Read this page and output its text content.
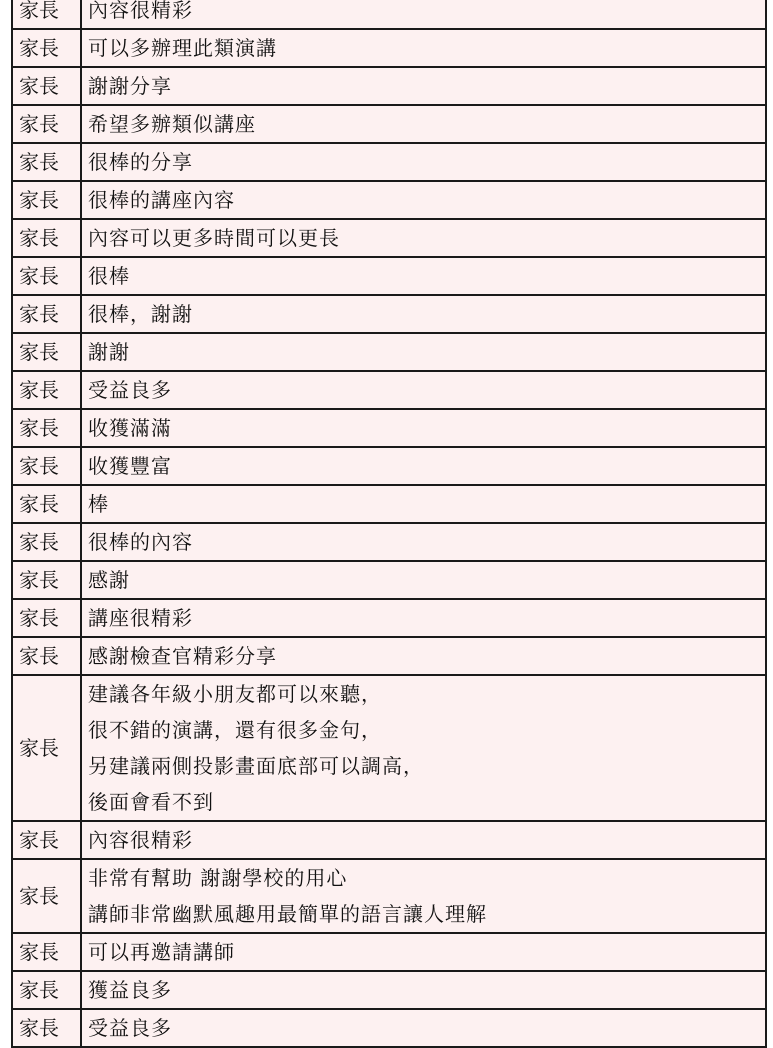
家長	內容很精彩

家長	可以多辦理此類演講

家長	謝謝分享

家長	希望多辦類似講座

家長	很棒的分享

家長	很棒的講座內容

家長	內容可以更多時間可以更長

家長	很棒

家長	很棒，謝謝

家長	謝謝

家長	受益良多

家長	收獲滿滿

家長	收獲豐富

家長	棒

家長	很棒的內容

家長	感謝

家長	講座很精彩

家長	感謝檢查官精彩分享

家長	建議各年級小朋友都可以來聽，
很不錯的演講，還有很多金句，
另建議兩側投影畫面底部可以調高，
後面會看不到

家長	內容很精彩

家長	非常有幫助 謝謝學校的用心
講師非常幽默風趣用最簡單的語言讓人理解

家長	可以再邀請講師

家長	獲益良多

家長	受益良多
